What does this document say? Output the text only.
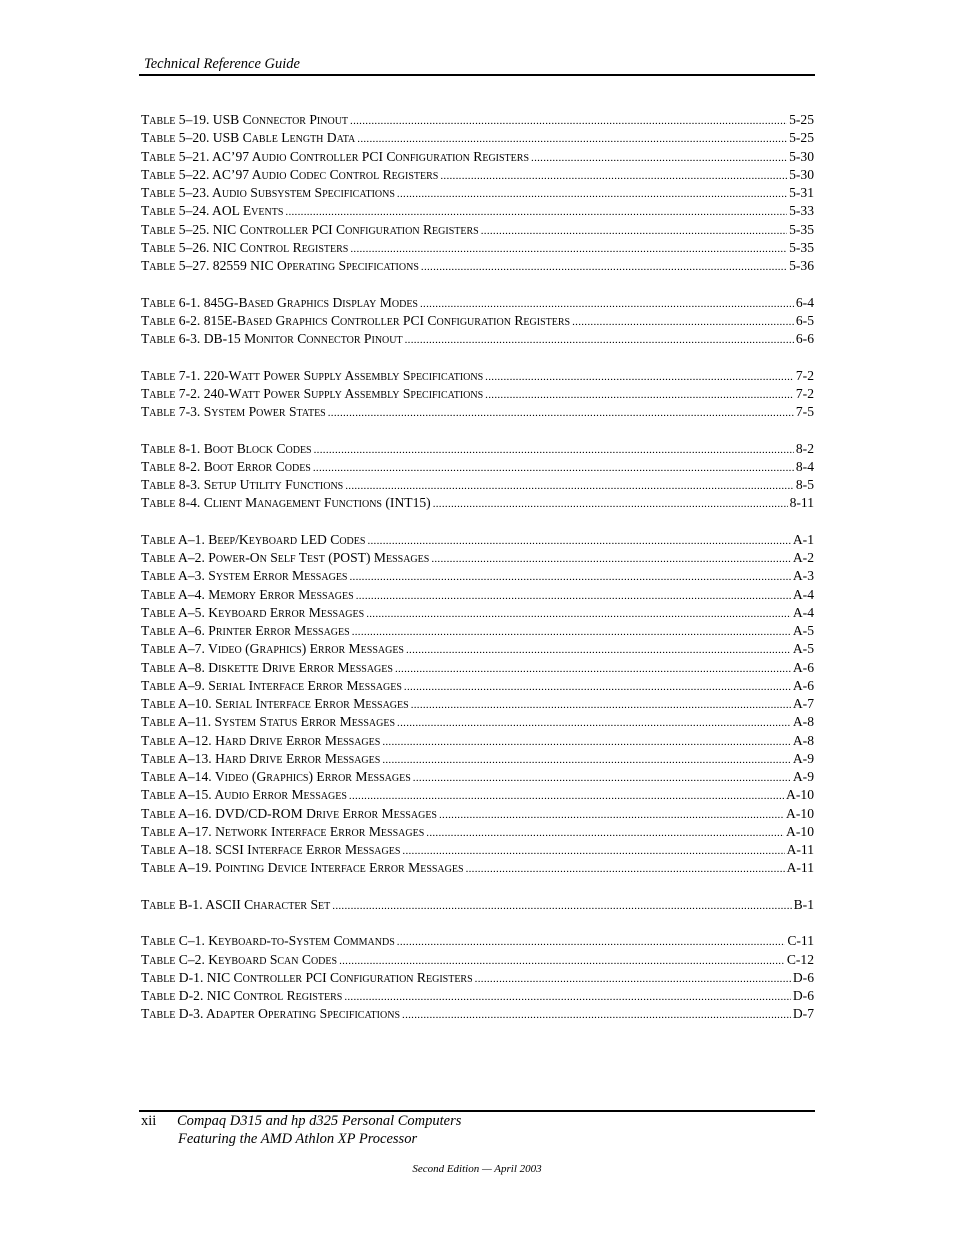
Technical Reference Guide
Table 5–19. USB Connector Pinout .....	5-25
Table 5–20. USB Cable Length Data .....	5-25
Table 5–21. AC’97 Audio Controller PCI Configuration Registers .....	5-30
Table 5–22. AC’97 Audio Codec Control Registers .....	5-30
Table 5–23. Audio Subsystem Specifications .....	5-31
Table 5–24. AOL Events .....	5-33
Table 5–25. NIC Controller PCI Configuration Registers .....	5-35
Table 5–26. NIC Control Registers .....	5-35
Table 5–27. 82559 NIC Operating Specifications .....	5-36
Table 6-1. 845G-Based Graphics Display Modes .....	6-4
Table 6-2. 815E-Based Graphics Controller PCI Configuration Registers .....	6-5
Table 6-3. DB-15 Monitor Connector Pinout .....	6-6
Table 7-1. 220-Watt Power Supply Assembly Specifications .....	7-2
Table 7-2. 240-Watt Power Supply Assembly Specifications .....	7-2
Table 7-3. System Power States .....	7-5
Table 8-1. Boot Block Codes .....	8-2
Table 8-2. Boot Error Codes .....	8-4
Table 8-3. Setup Utility Functions .....	8-5
Table 8-4. Client Management Functions (INT15) .....	8-11
Table A–1. Beep/Keyboard LED Codes .....	A-1
Table A–2. Power-On Self Test (POST) Messages .....	A-2
Table A–3. System Error Messages .....	A-3
Table A–4. Memory Error Messages .....	A-4
Table A–5. Keyboard Error Messages .....	A-4
Table A–6. Printer Error Messages .....	A-5
Table A–7. Video (Graphics) Error Messages .....	A-5
Table A–8. Diskette Drive Error Messages .....	A-6
Table A–9. Serial Interface Error Messages .....	A-6
Table A–10. Serial Interface Error Messages .....	A-7
Table A–11. System Status Error Messages .....	A-8
Table A–12. Hard Drive Error Messages .....	A-8
Table A–13. Hard Drive Error Messages .....	A-9
Table A–14. Video (Graphics) Error Messages .....	A-9
Table A–15. Audio Error Messages .....	A-10
Table A–16. DVD/CD-ROM Drive Error Messages .....	A-10
Table A–17. Network Interface Error Messages .....	A-10
Table A–18. SCSI Interface Error Messages .....	A-11
Table A–19. Pointing Device Interface Error Messages .....	A-11
Table B-1. ASCII Character Set .....	B-1
Table C–1. Keyboard-to-System Commands .....	C-11
Table C–2. Keyboard Scan Codes .....	C-12
Table D-1. NIC Controller PCI Configuration Registers .....	D-6
Table D-2. NIC Control Registers .....	D-6
Table D-3. Adapter Operating Specifications .....	D-7
xii Compaq D315 and hp d325 Personal Computers
Featuring the AMD Athlon XP Processor
Second Edition — April 2003
